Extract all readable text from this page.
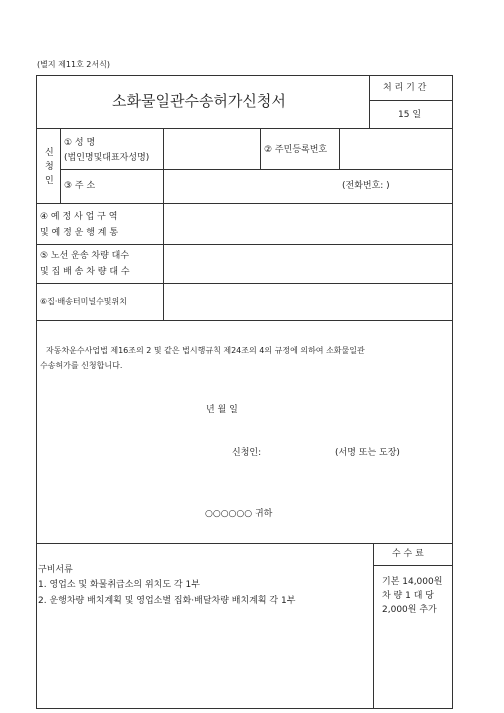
(별지 제11호 2서식)
소화물일관수송허가신청서
처 리 기 간
15 일
신
청
인
① 성 명
(법인명및대표자성명)
② 주민등록번호
③ 주 소	(전화번호: )
④ 예 정 사 업 구 역
및 예 정 운 행 계 통
⑤ 노선 운송 차량 대수
및 집 배 송 차 량 대 수
⑥집·배송터미널수및위치
자동차운수사업법 제16조의 2 및 같은 법시행규칙 제24조의 4의 규정에 의하여 소화물일관
수송허가를 신청합니다.
년 월 일
신청인:	(서명 또는 도장)
○○○○○○ 귀하
구비서류
1. 영업소 및 화물취급소의 위치도 각 1부
2. 운행차량 배치계획 및 영업소별 집화·배달차량 배치계획 각 1부
수 수 료
기본 14,000원
차 량 1 대 당
2,000원 추가
